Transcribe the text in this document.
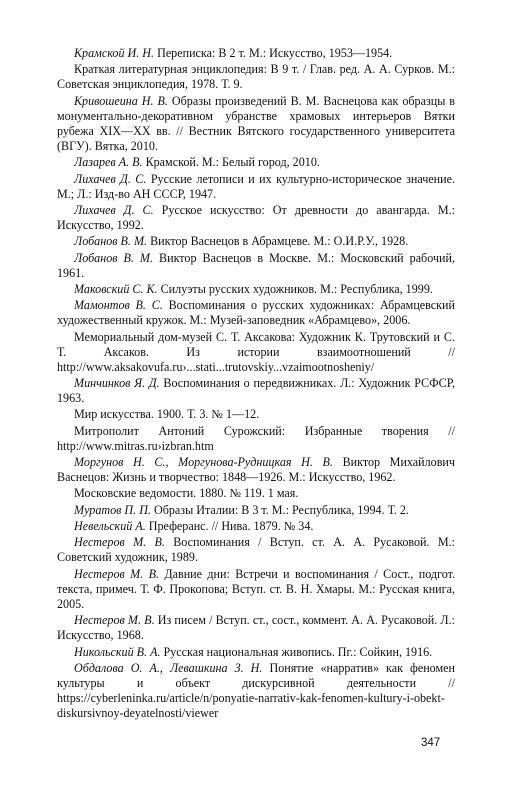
Крамской И. Н. Переписка: В 2 т. М.: Искусство, 1953—1954.

Краткая литературная энциклопедия: В 9 т. / Глав. ред. А. А. Сурков. М.: Советская энциклопедия, 1978. Т. 9.

Кривошеина Н. В. Образы произведений В. М. Васнецова как образцы в монументально-декоративном убранстве храмовых интерьеров Вятки рубежа XIX—XX вв. // Вестник Вятского государственного университета (ВГУ). Вятка, 2010.

Лазарев А. В. Крамской. М.: Белый город, 2010.

Лихачев Д. С. Русские летописи и их культурно-историческое значение. М.; Л.: Изд-во АН СССР, 1947.

Лихачев Д. С. Русское искусство: От древности до авангарда. М.: Искусство, 1992.

Лобанов В. М. Виктор Васнецов в Абрамцеве. М.: О.И.Р.У., 1928.

Лобанов В. М. Виктор Васнецов в Москве. М.: Московский рабочий, 1961.

Маковский С. К. Силуэты русских художников. М.: Республика, 1999.

Мамонтов В. С. Воспоминания о русских художниках: Абрамцевский художественный кружок. М.: Музей-заповедник «Абрамцево», 2006.

Мемориальный дом-музей С. Т. Аксакова: Художник К. Трутовский и С. Т. Аксаков. Из истории взаимоотношений // http://www.aksakovufa.ru›...stati...trutovskiy...vzaimootnosheniy/

Минчинков Я. Д. Воспоминания о передвижниках. Л.: Художник РСФСР, 1963.

Мир искусства. 1900. Т. 3. № 1—12.

Митрополит Антоний Сурожский: Избранные творения // http://www.mitras.ru›izbran.htm

Моргунов Н. С., Моргунова-Рудницкая Н. В. Виктор Михайлович Васнецов: Жизнь и творчество: 1848—1926. М.: Искусство, 1962.

Московские ведомости. 1880. № 119. 1 мая.

Муратов П. П. Образы Италии: В 3 т. М.: Республика, 1994. Т. 2.

Невельский А. Преферанс. // Нива. 1879. № 34.

Нестеров М. В. Воспоминания / Вступ. ст. А. А. Русаковой. М.: Советский художник, 1989.

Нестеров М. В. Давние дни: Встречи и воспоминания / Сост., подгот. текста, примеч. Т. Ф. Прокопова; Вступ. ст. В. Н. Хмары. М.: Русская книга, 2005.

Нестеров М. В. Из писем / Вступ. ст., сост., коммент. А. А. Русаковой. Л.: Искусство, 1968.

Никольский В. А. Русская национальная живопись. Пг.: Сойкин, 1916.

Обдалова О. А., Левашкина З. Н. Понятие «нарратив» как феномен культуры и объект дискурсивной деятельности // https://cyberleninka.ru/article/n/ponyatie-narrativ-kak-fenomen-kultury-i-obekt-diskursivnoy-deyatelnosti/viewer

347
